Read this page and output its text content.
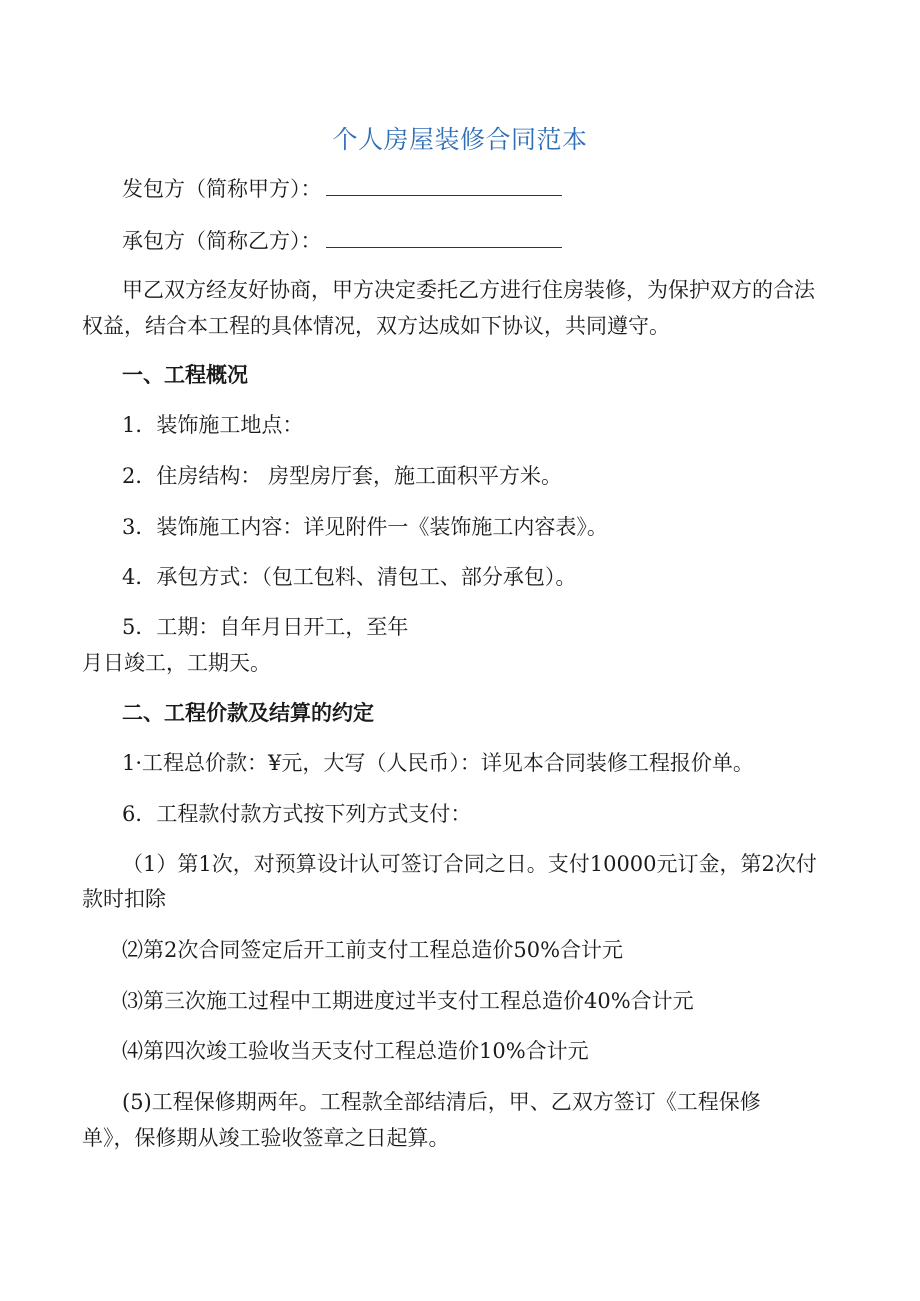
个人房屋装修合同范本
发包方（简称甲方）：
承包方（简称乙方）：
甲乙双方经友好协商，甲方决定委托乙方进行住房装修，为保护双方的合法
权益，结合本工程的具体情况，双方达成如下协议，共同遵守。
一、工程概况
1．装饰施工地点：
2．住房结构： 房型房厅套，施工面积平方米。
3．装饰施工内容：详见附件一《装饰施工内容表》。
4．承包方式：（包工包料、清包工、部分承包）。
5．工期：自年月日开工，至年
月日竣工，工期天。
二、工程价款及结算的约定
1·工程总价款：¥元，大写（人民币）：详见本合同装修工程报价单。
6．工程款付款方式按下列方式支付：
（1）第1次，对预算设计认可签订合同之日。支付10000元订金，第2次付
款时扣除
⑵第2次合同签定后开工前支付工程总造价50%合计元
⑶第三次施工过程中工期进度过半支付工程总造价40%合计元
⑷第四次竣工验收当天支付工程总造价10%合计元
(5)工程保修期两年。工程款全部结清后，甲、乙双方签订《工程保修
单》，保修期从竣工验收签章之日起算。
